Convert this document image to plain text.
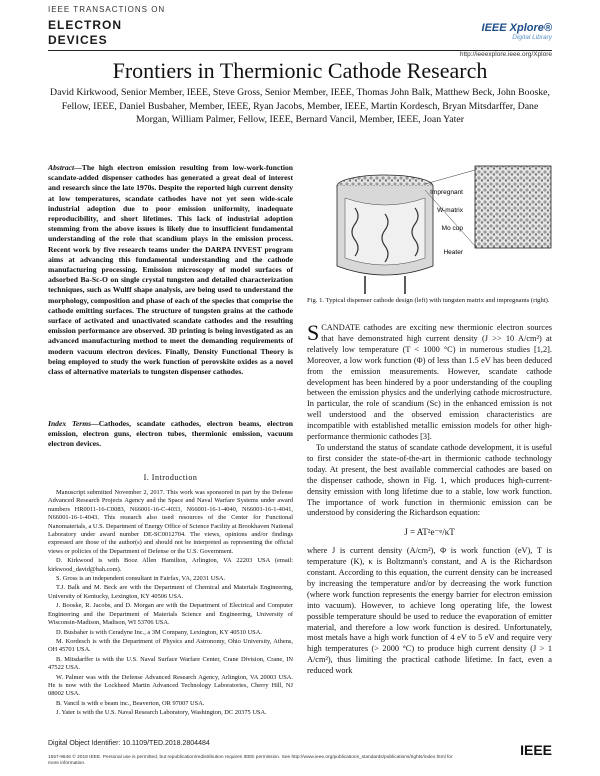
IEEE TRANSACTIONS ON
ELECTRON
DEVICES
IEEE Xplore®
Digital Library
http://ieeexplore.ieee.org/Xplore
Frontiers in Thermionic Cathode Research
David Kirkwood, Senior Member, IEEE, Steve Gross, Senior Member, IEEE, Thomas John Balk, Matthew Beck, John Booske, Fellow, IEEE, Daniel Busbaher, Member, IEEE, Ryan Jacobs, Member, IEEE, Martin Kordesch, Bryan Mitsdarffer, Dane Morgan, William Palmer, Fellow, IEEE, Bernard Vancil, Member, IEEE, Joan Yater
Abstract—The high electron emission resulting from low-work-function scandate-added dispenser cathodes has generated a great deal of interest and research since the late 1970s. Despite the reported high current density at low temperatures, scandate cathodes have not yet seen wide-scale industrial adoption due to poor emission uniformity, inadequate reproducibility, and short lifetimes. This lack of industrial adoption stemming from the above issues is likely due to insufficient fundamental understanding of the role that scandium plays in the emission process. Recent work by five research teams under the DARPA INVEST program aims at advancing this fundamental understanding and the cathode manufacturing processing. Emission microscopy of model surfaces of adsorbed Ba-Sc-O on single crystal tungsten and detailed characterization techniques, such as Wulff shape analysis, are being used to understand the morphology, composition and phase of each of the species that comprise the cathode emitting surfaces. The structure of tungsten grains at the cathode surface of activated and unactivated scandate cathodes and the resulting emission performance are observed. 3D printing is being investigated as an advanced manufacturing method to meet the demanding requirements of modern vacuum electron devices. Finally, Density Functional Theory is being employed to study the work function of perovskite oxides as a novel class of alternative materials to tungsten dispenser cathodes.
Index Terms—Cathodes, scandate cathodes, electron beams, electron emission, electron guns, electron tubes, thermionic emission, vacuum electron devices.
I. Introduction

Manuscript submitted November 2, 2017. This work was sponsored in part by the Defense Advanced Research Projects Agency and the Space and Naval Warfare Systems under award numbers HR0011-16-C0083, N66001-16-C-4033, N66001-16-1-4040, N66001-16-1-4041, N66001-16-1-4043. This research also used resources of the Center for Functional Nanomaterials, a U.S. Department of Energy Office of Science Facility at Brookhaven National Laboratory under award number DE-SC0012704. The views, opinions and/or findings expressed are those of the author(s) and should not be interpreted as representing the official views or policies of the Department of Defense or the U.S. Government.

D. Kirkwood is with Booz Allen Hamilton, Arlington, VA 22203 USA (email: kirkwood_david@bah.com).

S. Gross is an independent consultant in Fairfax, VA, 22031 USA.

T.J. Balk and M. Beck are with the Department of Chemical and Materials Engineering, University of Kentucky, Lexington, KY 40506 USA.

J. Booske, R. Jacobs, and D. Morgan are with the Department of Electrical and Computer Engineering and the Department of Materials Science and Engineering, University of Wisconsin-Madison, Madison, WI 53706 USA.

D. Busbaher is with Ceradyne Inc., a 3M Company, Lexington, KY 40510 USA.

M. Kordesch is with the Department of Physics and Astronomy, Ohio University, Athens, OH 45701 USA.

B. Mitsdarffer is with the U.S. Naval Surface Warfare Center, Crane Division, Crane, IN 47522 USA.

W. Palmer was with the Defense Advanced Research Agency, Arlington, VA 20003 USA. He is now with the Lockheed Martin Advanced Technology Laboratories, Cherry Hill, NJ 08002 USA.

B. Vancil is with e beam inc., Beaverton, OR 97007 USA.

J. Yater is with the U.S. Naval Research Laboratory, Washington, DC 20375 USA.

Digital Object Identifier: 10.1109/TED.2018.2804484
1557-9646 © 2018 IEEE. Personal use is permitted, but republication/redistribution requires IEEE permission. See http://www.ieee.org/publications_standards/publications/rights/index.html for more information.
IEEE
Impregnant
W-matrix
Mo cup
Heater
Fig. 1. Typical dispenser cathode design (left) with tungsten matrix and impregnants (right).

SCANDATE cathodes are exciting new thermionic electron sources that have demonstrated high current density (J >> 10 A/cm²) at relatively low temperature (T < 1000 °C) in numerous studies [1,2]. Moreover, a low work function (Φ) of less than 1.5 eV has been deduced from the emission measurements. However, scandate cathode development has been hindered by a poor understanding of the coupling between the emission physics and the underlying cathode microstructure. In particular, the role of scandium (Sc) in the enhanced emission is not well understood and the observed emission characteristics are incompatible with established metallic emission models for other high-performance thermionic cathodes [3].

To understand the status of scandate cathode development, it is useful to first consider the state-of-the-art in thermionic cathode technology today. At present, the best available commercial cathodes are based on the dispenser cathode, shown in Fig. 1, which produces high-current-density emission with long lifetime due to a stable, low work function. The importance of work function in thermionic emission can be understood by considering the Richardson equation:

J = AT²e⁻ᵠ/κT

where J is current density (A/cm²), Φ is work function (eV), T is temperature (K), κ is Boltzmann's constant, and A is the Richardson constant. According to this equation, the current density can be increased by increasing the temperature and/or by decreasing the work function (where work function represents the energy barrier for electron emission into vacuum). However, to achieve long operating life, the lowest possible temperature should be used to reduce the evaporation of emitter material, and therefore a low work function is desired. Unfortunately, most metals have a high work function of 4 eV to 5 eV and require very high temperatures (> 2000 °C) to produce high current density (J > 1 A/cm²), thus limiting the practical cathode lifetime. In fact, even a reduced work
